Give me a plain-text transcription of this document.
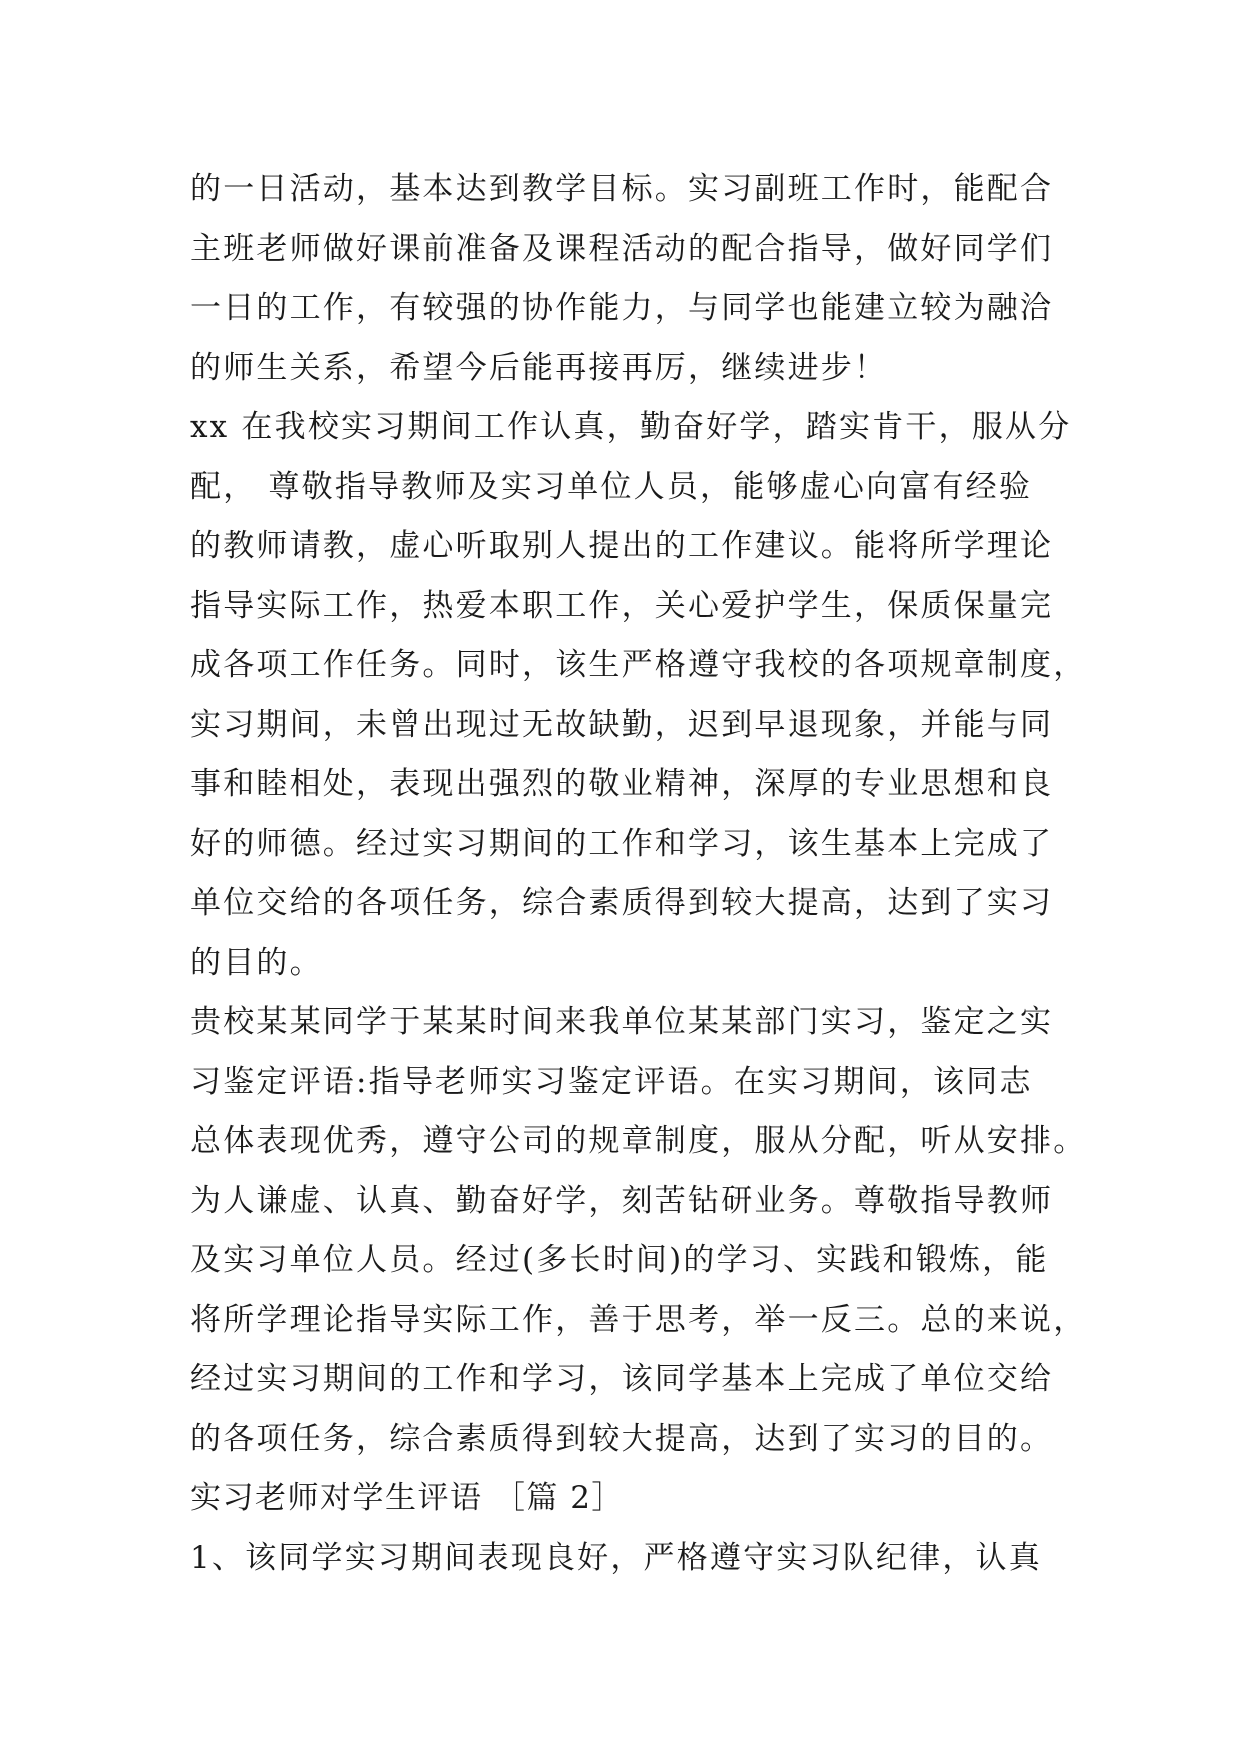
的一日活动，基本达到教学目标。实习副班工作时，能配合
主班老师做好课前准备及课程活动的配合指导，做好同学们
一日的工作，有较强的协作能力，与同学也能建立较为融洽
的师生关系，希望今后能再接再厉，继续进步！
xx 在我校实习期间工作认真，勤奋好学，踏实肯干，服从分
配， 尊敬指导教师及实习单位人员，能够虚心向富有经验
的教师请教，虚心听取别人提出的工作建议。能将所学理论
指导实际工作，热爱本职工作，关心爱护学生，保质保量完
成各项工作任务。同时，该生严格遵守我校的各项规章制度，
实习期间，未曾出现过无故缺勤，迟到早退现象，并能与同
事和睦相处，表现出强烈的敬业精神，深厚的专业思想和良
好的师德。经过实习期间的工作和学习，该生基本上完成了
单位交给的各项任务，综合素质得到较大提高，达到了实习
的目的。
贵校某某同学于某某时间来我单位某某部门实习，鉴定之实
习鉴定评语:指导老师实习鉴定评语。在实习期间，该同志
总体表现优秀，遵守公司的规章制度，服从分配，听从安排。
为人谦虚、认真、勤奋好学，刻苦钻研业务。尊敬指导教师
及实习单位人员。经过(多长时间)的学习、实践和锻炼，能
将所学理论指导实际工作，善于思考，举一反三。总的来说，
经过实习期间的工作和学习，该同学基本上完成了单位交给
的各项任务，综合素质得到较大提高，达到了实习的目的。
实习老师对学生评语 ［篇 2］
1、该同学实习期间表现良好，严格遵守实习队纪律，认真
